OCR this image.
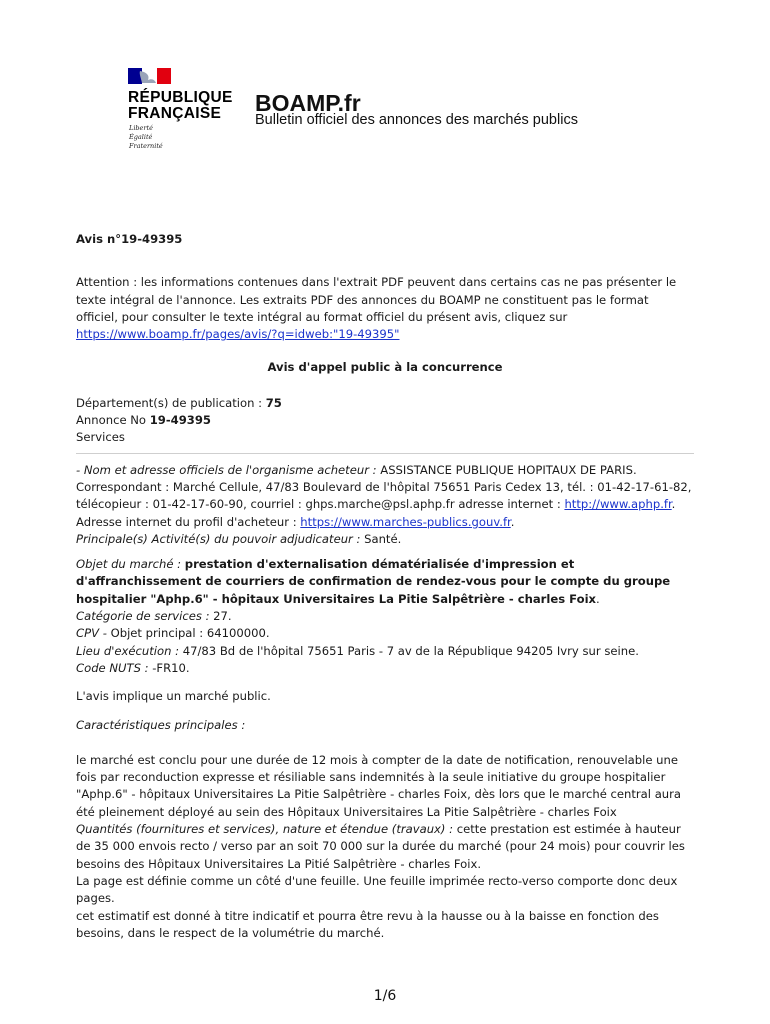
RÉPUBLIQUE
FRANÇAISE
Liberté
Égalité
Fraternité
BOAMP.fr
Bulletin officiel des annonces des marchés publics

Avis n°19-49395

Attention : les informations contenues dans l'extrait PDF peuvent dans certains cas ne pas présenter le texte intégral de l'annonce. Les extraits PDF des annonces du BOAMP ne constituent pas le format officiel, pour consulter le texte intégral au format officiel du présent avis, cliquez sur
https://www.boamp.fr/pages/avis/?q=idweb:"19-49395"

Avis d'appel public à la concurrence

Département(s) de publication : 75

Annonce No 19-49395

Services

- Nom et adresse officiels de l'organisme acheteur : ASSISTANCE PUBLIQUE HOPITAUX DE PARIS.
Correspondant : Marché Cellule, 47/83 Boulevard de l'hôpital 75651 Paris Cedex 13, tél. : 01-42-17-61-82, télécopieur : 01-42-17-60-90, courriel : ghps.marche@psl.aphp.fr adresse internet : http://www.aphp.fr.
Adresse internet du profil d'acheteur : https://www.marches-publics.gouv.fr.
Principale(s) Activité(s) du pouvoir adjudicateur : Santé.

Objet du marché : prestation d'externalisation dématérialisée d'impression et d'affranchissement de courriers de confirmation de rendez-vous pour le compte du groupe hospitalier "Aphp.6" - hôpitaux Universitaires La Pitie Salpêtrière - charles Foix.
Catégorie de services : 27.
CPV - Objet principal : 64100000.
Lieu d'exécution : 47/83 Bd de l'hôpital 75651 Paris - 7 av de la République 94205 Ivry sur seine.
Code NUTS : -FR10.

L'avis implique un marché public.

Caractéristiques principales :

le marché est conclu pour une durée de 12 mois à compter de la date de notification, renouvelable une fois par reconduction expresse et résiliable sans indemnités à la seule initiative du groupe hospitalier "Aphp.6" - hôpitaux Universitaires La Pitie Salpêtrière - charles Foix, dès lors que le marché central aura été pleinement déployé au sein des Hôpitaux Universitaires La Pitie Salpêtrière - charles Foix

Quantités (fournitures et services), nature et étendue (travaux) : cette prestation est estimée à hauteur de 35 000 envois recto / verso par an soit 70 000 sur la durée du marché (pour 24 mois) pour couvrir les besoins des Hôpitaux Universitaires La Pitié Salpêtrière - charles Foix.

La page est définie comme un côté d'une feuille. Une feuille imprimée recto-verso comporte donc deux pages.

cet estimatif est donné à titre indicatif et pourra être revu à la hausse ou à la baisse en fonction des besoins, dans le respect de la volumétrie du marché.

1/6
